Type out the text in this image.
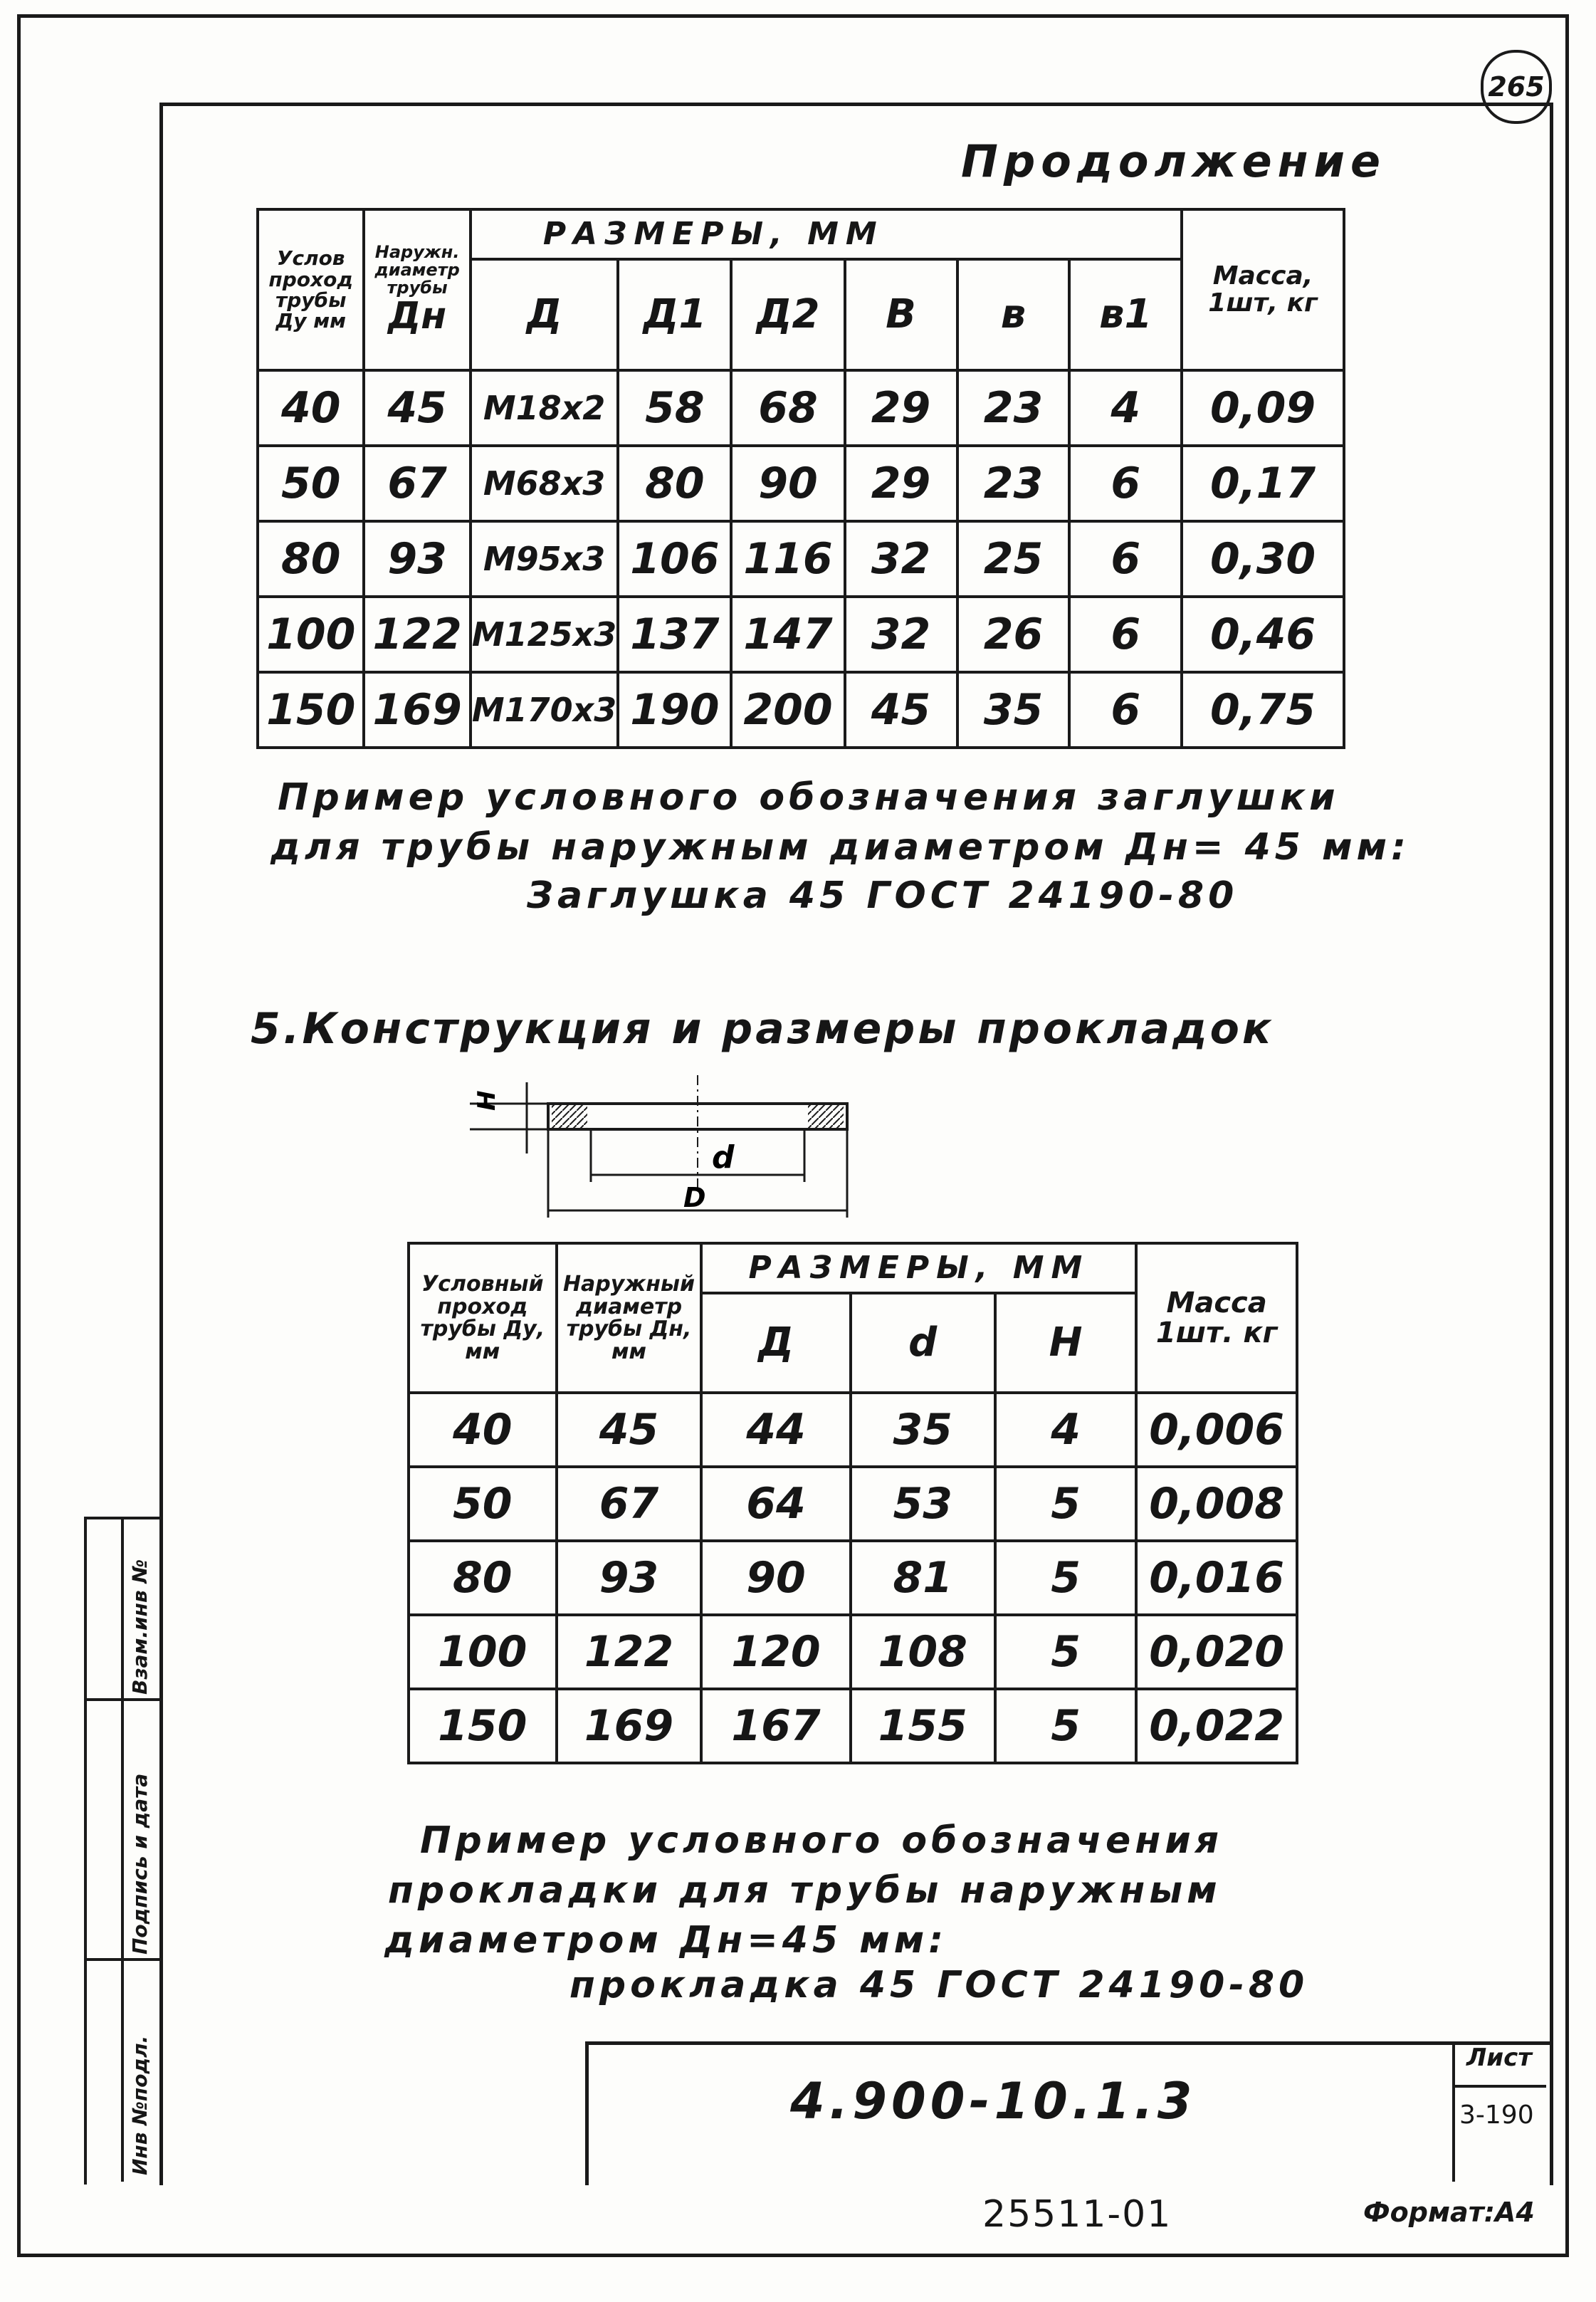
265
Продолжение
Услов проход трубы Ду мм	Наружн. диаметр трубы
Дн	РАЗМЕРЫ, ММ						Масса, 1шт, кг
		Д	Д1	Д2	В	в	в1	
40	45	М18х2	58	68	29	23	4	0,09
50	67	М68х3	80	90	29	23	6	0,17
80	93	М95х3	106	116	32	25	6	0,30
100	122	М125х3	137	147	32	26	6	0,46
150	169	М170х3	190	200	45	35	6	0,75
Пример условного обозначения заглушки
для трубы наружным диаметром Дн= 45 мм:
Заглушка 45 ГОСТ 24190-80
5.Конструкция и размеры прокладок
Н
d
D
Условный проход трубы Ду, мм	Наружный диаметр трубы Дн, мм	РАЗМЕРЫ, ММ			Масса 1шт. кг
		Д	d	Н	
40	45	44	35	4	0,006
50	67	64	53	5	0,008
80	93	90	81	5	0,016
100	122	120	108	5	0,020
150	169	167	155	5	0,022
Пример условного обозначения
прокладки для трубы наружным
диаметром Дн=45 мм:
прокладка 45 ГОСТ 24190-80
4.900-10.1.3
Лист
3-190
Взам.инв №
Подпись и дата
Инв №подл.
25511-01	Формат:А4
